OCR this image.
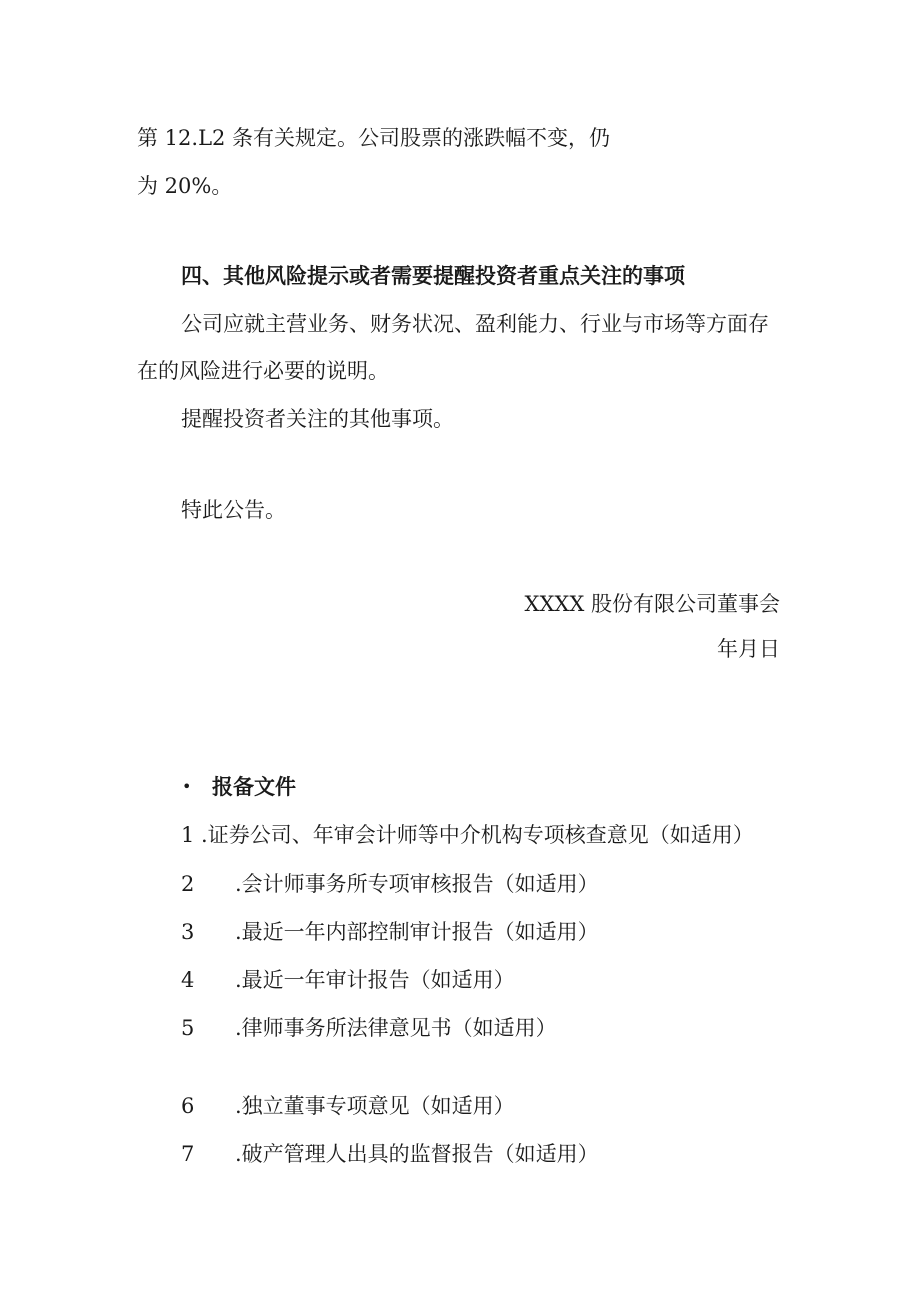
第 12.L2 条有关规定。公司股票的涨跌幅不变，仍
为 20%。
四、其他风险提示或者需要提醒投资者重点关注的事项
公司应就主营业务、财务状况、盈利能力、行业与市场等方面存
在的风险进行必要的说明。
提醒投资者关注的其他事项。
特此公告。
XXXX 股份有限公司董事会
年月日
• 报备文件
1 .证券公司、年审会计师等中介机构专项核查意见（如适用）
2 .会计师事务所专项审核报告（如适用）
3 .最近一年内部控制审计报告（如适用）
4 .最近一年审计报告（如适用）
5 .律师事务所法律意见书（如适用）
6 .独立董事专项意见（如适用）
7 .破产管理人出具的监督报告（如适用）
